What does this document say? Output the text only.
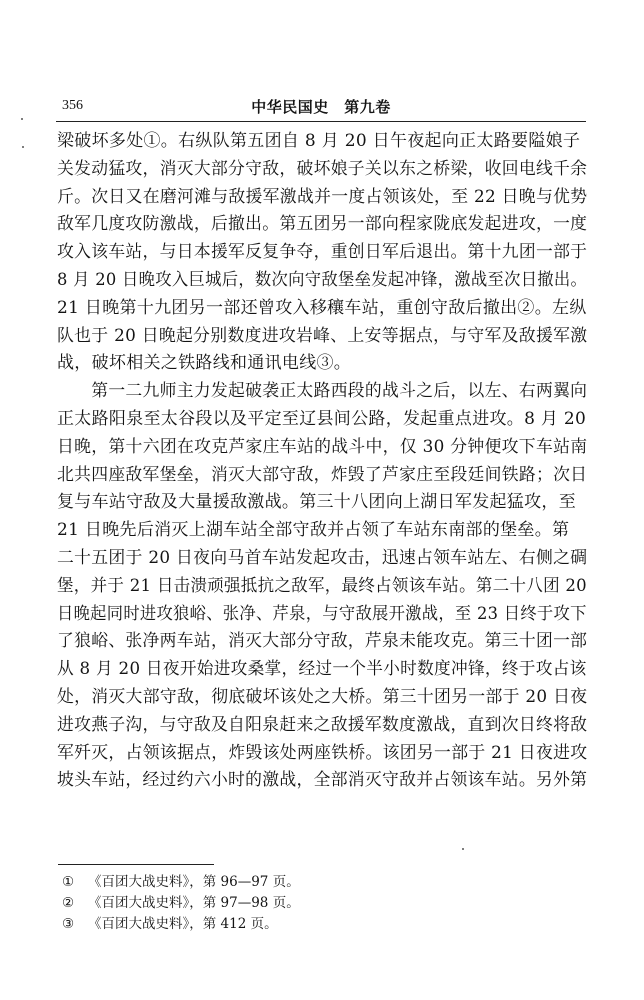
356	中华民国史　第九卷
梁破坏多处①。右纵队第五团自 8 月 20 日午夜起向正太路要隘娘子
关发动猛攻，消灭大部分守敌，破坏娘子关以东之桥梁，收回电线千余
斤。次日又在磨河滩与敌援军激战并一度占领该处，至 22 日晚与优势
敌军几度攻防激战，后撤出。第五团另一部向程家陇底发起进攻，一度
攻入该车站，与日本援军反复争夺，重创日军后退出。第十九团一部于
8 月 20 日晚攻入巨城后，数次向守敌堡垒发起冲锋，激战至次日撤出。
21 日晚第十九团另一部还曾攻入移穰车站，重创守敌后撤出②。左纵
队也于 20 日晚起分别数度进攻岩峰、上安等据点，与守军及敌援军激
战，破坏相关之铁路线和通讯电线③。
　　第一二九师主力发起破袭正太路西段的战斗之后，以左、右两翼向
正太路阳泉至太谷段以及平定至辽县间公路，发起重点进攻。8 月 20
日晚，第十六团在攻克芦家庄车站的战斗中，仅 30 分钟便攻下车站南
北共四座敌军堡垒，消灭大部守敌，炸毁了芦家庄至段廷间铁路；次日
复与车站守敌及大量援敌激战。第三十八团向上湖日军发起猛攻，至
21 日晚先后消灭上湖车站全部守敌并占领了车站东南部的堡垒。第
二十五团于 20 日夜向马首车站发起攻击，迅速占领车站左、右侧之碉
堡，并于 21 日击溃顽强抵抗之敌军，最终占领该车站。第二十八团 20
日晚起同时进攻狼峪、张净、芹泉，与守敌展开激战，至 23 日终于攻下
了狼峪、张净两车站，消灭大部分守敌，芹泉未能攻克。第三十团一部
从 8 月 20 日夜开始进攻桑掌，经过一个半小时数度冲锋，终于攻占该
处，消灭大部守敌，彻底破坏该处之大桥。第三十团另一部于 20 日夜
进攻燕子沟，与守敌及自阳泉赶来之敌援军数度激战，直到次日终将敌
军歼灭，占领该据点，炸毁该处两座铁桥。该团另一部于 21 日夜进攻
坡头车站，经过约六小时的激战，全部消灭守敌并占领该车站。另外第
① 《百团大战史料》，第 96—97 页。
② 《百团大战史料》，第 97—98 页。
③ 《百团大战史料》，第 412 页。
